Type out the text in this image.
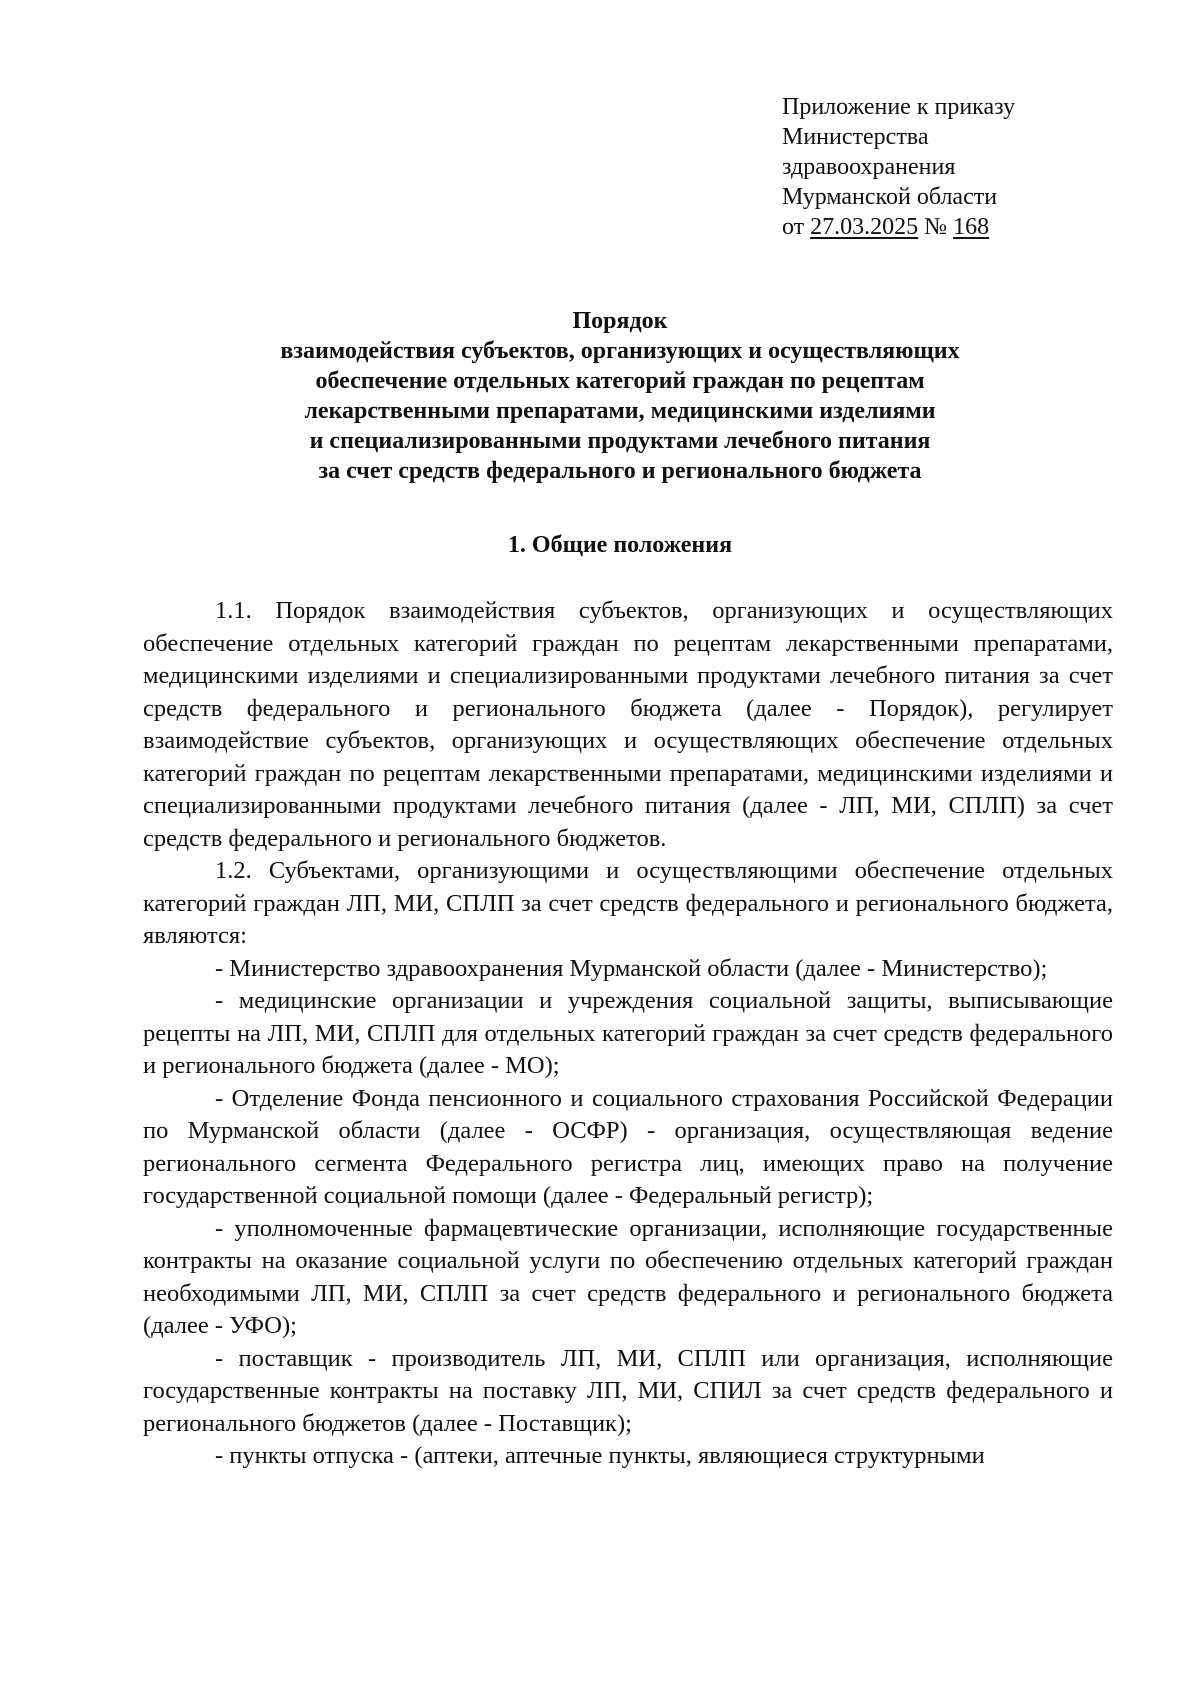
Приложение к приказу
Министерства
здравоохранения
Мурманской области
от 27.03.2025 № 168
Порядок
взаимодействия субъектов, организующих и осуществляющих
обеспечение отдельных категорий граждан по рецептам
лекарственными препаратами, медицинскими изделиями
и специализированными продуктами лечебного питания
за счет средств федерального и регионального бюджета
1. Общие положения

1.1. Порядок взаимодействия субъектов, организующих и осуществляющих обеспечение отдельных категорий граждан по рецептам лекарственными препаратами, медицинскими изделиями и специализированными продуктами лечебного питания за счет средств федерального и регионального бюджета (далее - Порядок), регулирует взаимодействие субъектов, организующих и осуществляющих обеспечение отдельных категорий граждан по рецептам лекарственными препаратами, медицинскими изделиями и специализированными продуктами лечебного питания (далее - ЛП, МИ, СПЛП) за счет средств федерального и регионального бюджетов.

1.2. Субъектами, организующими и осуществляющими обеспечение отдельных категорий граждан ЛП, МИ, СПЛП за счет средств федерального и регионального бюджета, являются:

- Министерство здравоохранения Мурманской области (далее - Министерство);

- медицинские организации и учреждения социальной защиты, выписывающие рецепты на ЛП, МИ, СПЛП для отдельных категорий граждан за счет средств федерального и регионального бюджета (далее - МО);

- Отделение Фонда пенсионного и социального страхования Российской Федерации по Мурманской области (далее - ОСФР) - организация, осуществляющая ведение регионального сегмента Федерального регистра лиц, имеющих право на получение государственной социальной помощи (далее - Федеральный регистр);

- уполномоченные фармацевтические организации, исполняющие государственные контракты на оказание социальной услуги по обеспечению отдельных категорий граждан необходимыми ЛП, МИ, СПЛП за счет средств федерального и регионального бюджета (далее - УФО);

- поставщик - производитель ЛП, МИ, СПЛП или организация, исполняющие государственные контракты на поставку ЛП, МИ, СПИЛ за счет средств федерального и регионального бюджетов (далее - Поставщик);

- пункты отпуска - (аптеки, аптечные пункты, являющиеся структурными
